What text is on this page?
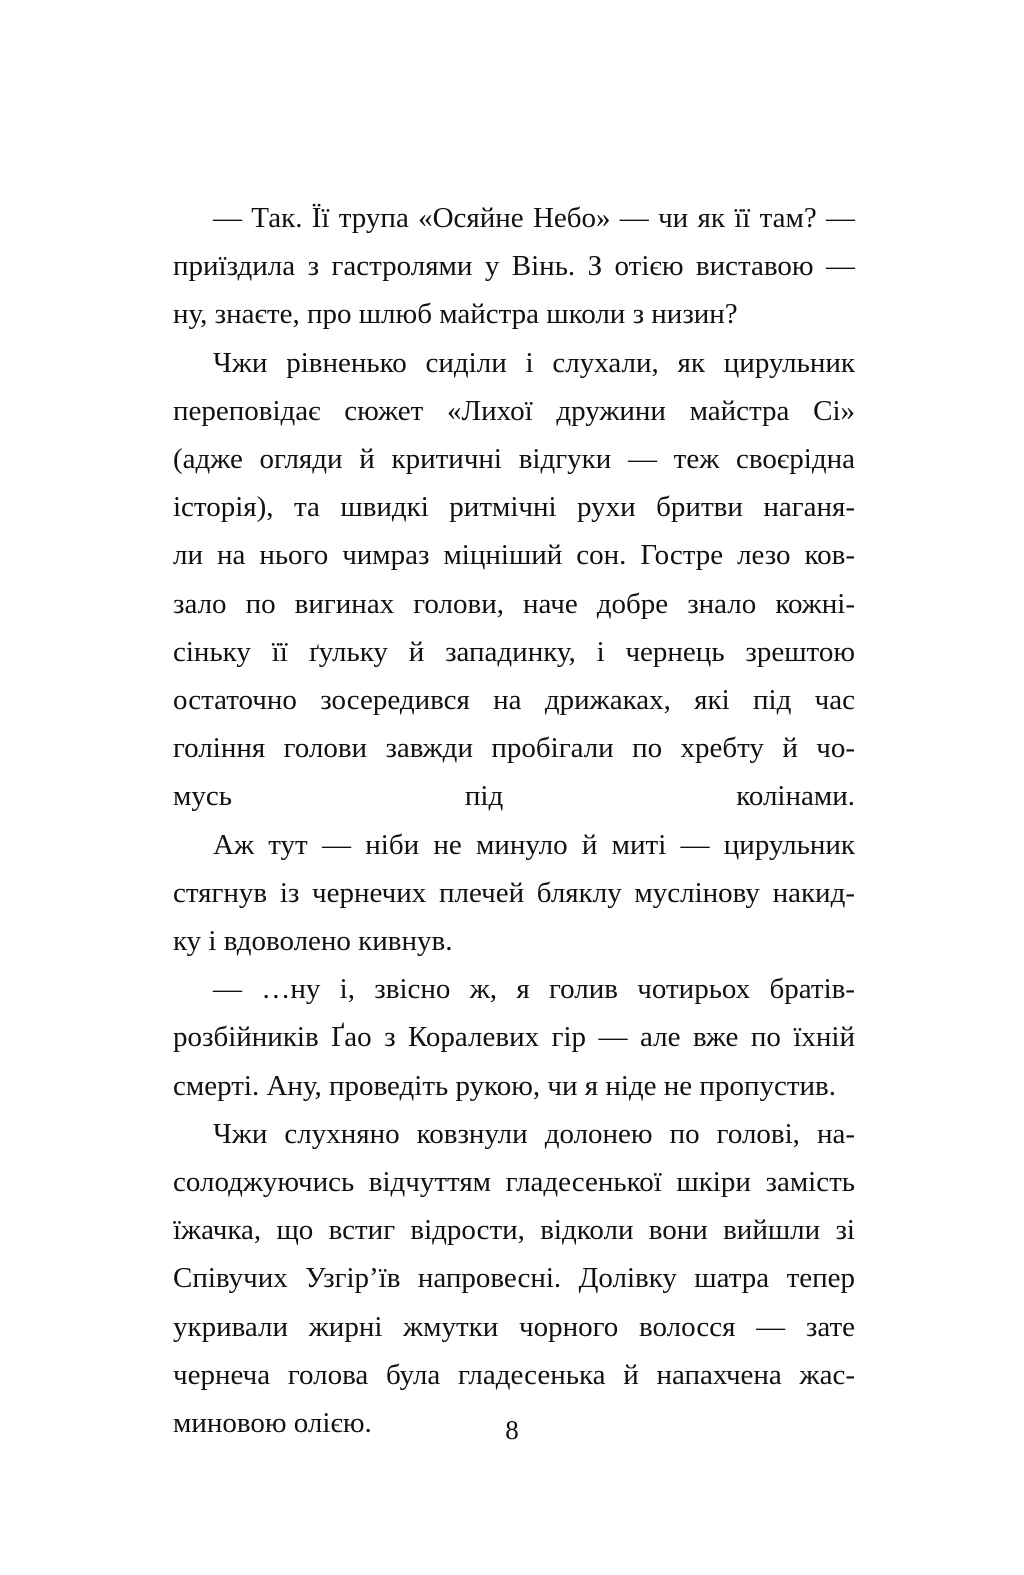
— Так. Її трупа «Осяйне Небо» — чи як її там? —
приїздила з гастролями у Вінь. З отією виставою —
ну, знаєте, про шлюб майстра школи з низин?

Чжи рівненько сиділи і слухали, як цирульник
переповідає сюжет «Лихої дружини майстра Сі»
(адже огляди й критичні відгуки — теж своєрідна
історія), та швидкі ритмічні рухи бритви наганя-
ли на нього чимраз міцніший сон. Гостре лезо ков-
зало по вигинах голови, наче добре знало кожні-
сіньку її ґульку й западинку, і чернець зрештою
остаточно зосередився на дрижаках, які під час
гоління голови завжди пробігали по хребту й чо-
мусь під колінами.

Аж тут — ніби не минуло й миті — цирульник
стягнув із чернечих плечей бляклу муслінову накид-
ку і вдоволено кивнув.

— …ну і, звісно ж, я голив чотирьох братів-
розбійників Ґао з Коралевих гір — але вже по їхній
смерті. Ану, проведіть рукою, чи я ніде не пропустив.

Чжи слухняно ковзнули долонею по голові, на-
солоджуючись відчуттям гладесенької шкіри замість
їжачка, що встиг відрости, відколи вони вийшли зі
Співучих Узгір’їв напровесні. Долівку шатра тепер
укривали жирні жмутки чорного волосся — зате
чернеча голова була гладесенька й напахчена жас-
миновою олією.	8
